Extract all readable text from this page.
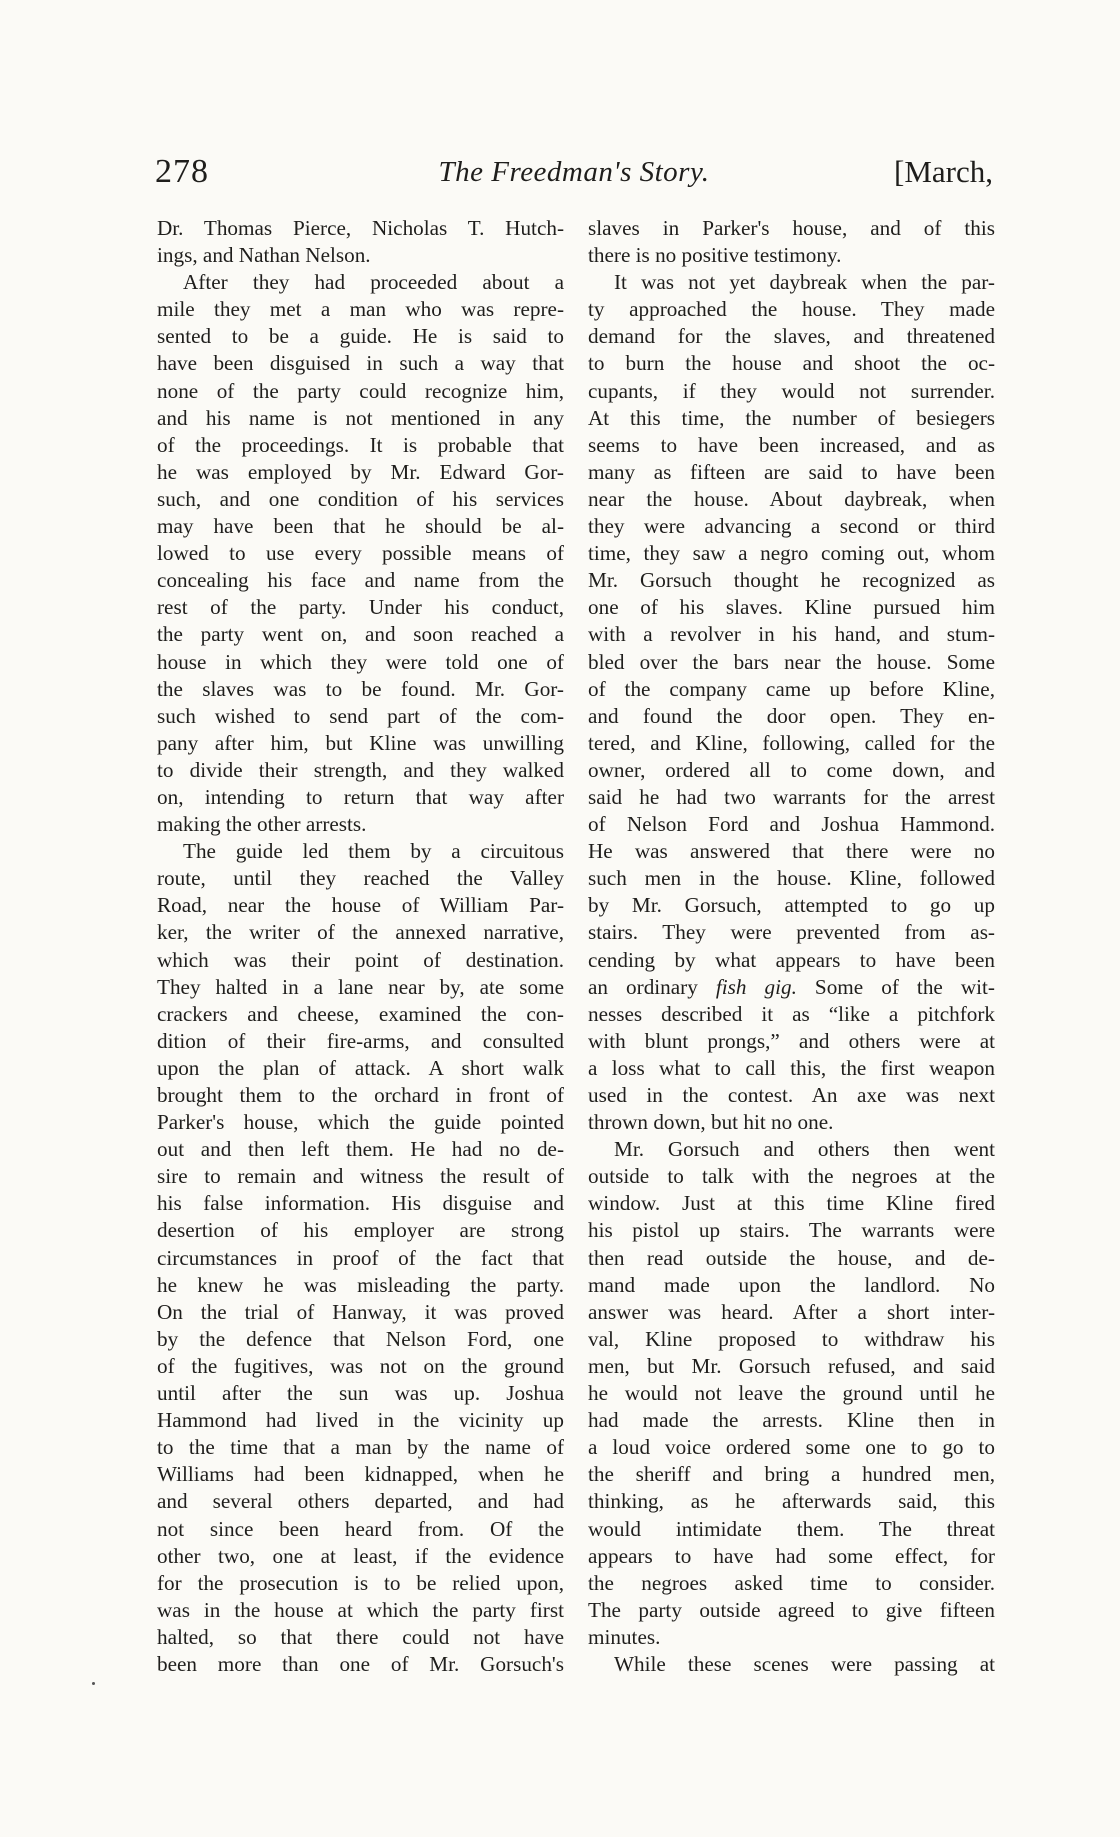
278	The Freedman's Story.	[March,
Dr. Thomas Pierce, Nicholas T. Hutch-
ings, and Nathan Nelson.
After they had proceeded about a
mile they met a man who was repre-
sented to be a guide. He is said to
have been disguised in such a way that
none of the party could recognize him,
and his name is not mentioned in any
of the proceedings. It is probable that
he was employed by Mr. Edward Gor-
such, and one condition of his services
may have been that he should be al-
lowed to use every possible means of
concealing his face and name from the
rest of the party. Under his conduct,
the party went on, and soon reached a
house in which they were told one of
the slaves was to be found. Mr. Gor-
such wished to send part of the com-
pany after him, but Kline was unwilling
to divide their strength, and they walked
on, intending to return that way after
making the other arrests.
The guide led them by a circuitous
route, until they reached the Valley
Road, near the house of William Par-
ker, the writer of the annexed narrative,
which was their point of destination.
They halted in a lane near by, ate some
crackers and cheese, examined the con-
dition of their fire-arms, and consulted
upon the plan of attack. A short walk
brought them to the orchard in front of
Parker's house, which the guide pointed
out and then left them. He had no de-
sire to remain and witness the result of
his false information. His disguise and
desertion of his employer are strong
circumstances in proof of the fact that
he knew he was misleading the party.
On the trial of Hanway, it was proved
by the defence that Nelson Ford, one
of the fugitives, was not on the ground
until after the sun was up. Joshua
Hammond had lived in the vicinity up
to the time that a man by the name of
Williams had been kidnapped, when he
and several others departed, and had
not since been heard from. Of the
other two, one at least, if the evidence
for the prosecution is to be relied upon,
was in the house at which the party first
halted, so that there could not have
been more than one of Mr. Gorsuch's
slaves in Parker's house, and of this
there is no positive testimony.
It was not yet daybreak when the par-
ty approached the house. They made
demand for the slaves, and threatened
to burn the house and shoot the oc-
cupants, if they would not surrender.
At this time, the number of besiegers
seems to have been increased, and as
many as fifteen are said to have been
near the house. About daybreak, when
they were advancing a second or third
time, they saw a negro coming out, whom
Mr. Gorsuch thought he recognized as
one of his slaves. Kline pursued him
with a revolver in his hand, and stum-
bled over the bars near the house. Some
of the company came up before Kline,
and found the door open. They en-
tered, and Kline, following, called for the
owner, ordered all to come down, and
said he had two warrants for the arrest
of Nelson Ford and Joshua Hammond.
He was answered that there were no
such men in the house. Kline, followed
by Mr. Gorsuch, attempted to go up
stairs. They were prevented from as-
cending by what appears to have been
an ordinary fish gig. Some of the wit-
nesses described it as “like a pitchfork
with blunt prongs,” and others were at
a loss what to call this, the first weapon
used in the contest. An axe was next
thrown down, but hit no one.
Mr. Gorsuch and others then went
outside to talk with the negroes at the
window. Just at this time Kline fired
his pistol up stairs. The warrants were
then read outside the house, and de-
mand made upon the landlord. No
answer was heard. After a short inter-
val, Kline proposed to withdraw his
men, but Mr. Gorsuch refused, and said
he would not leave the ground until he
had made the arrests. Kline then in
a loud voice ordered some one to go to
the sheriff and bring a hundred men,
thinking, as he afterwards said, this
would intimidate them. The threat
appears to have had some effect, for
the negroes asked time to consider.
The party outside agreed to give fifteen
minutes.
While these scenes were passing at
